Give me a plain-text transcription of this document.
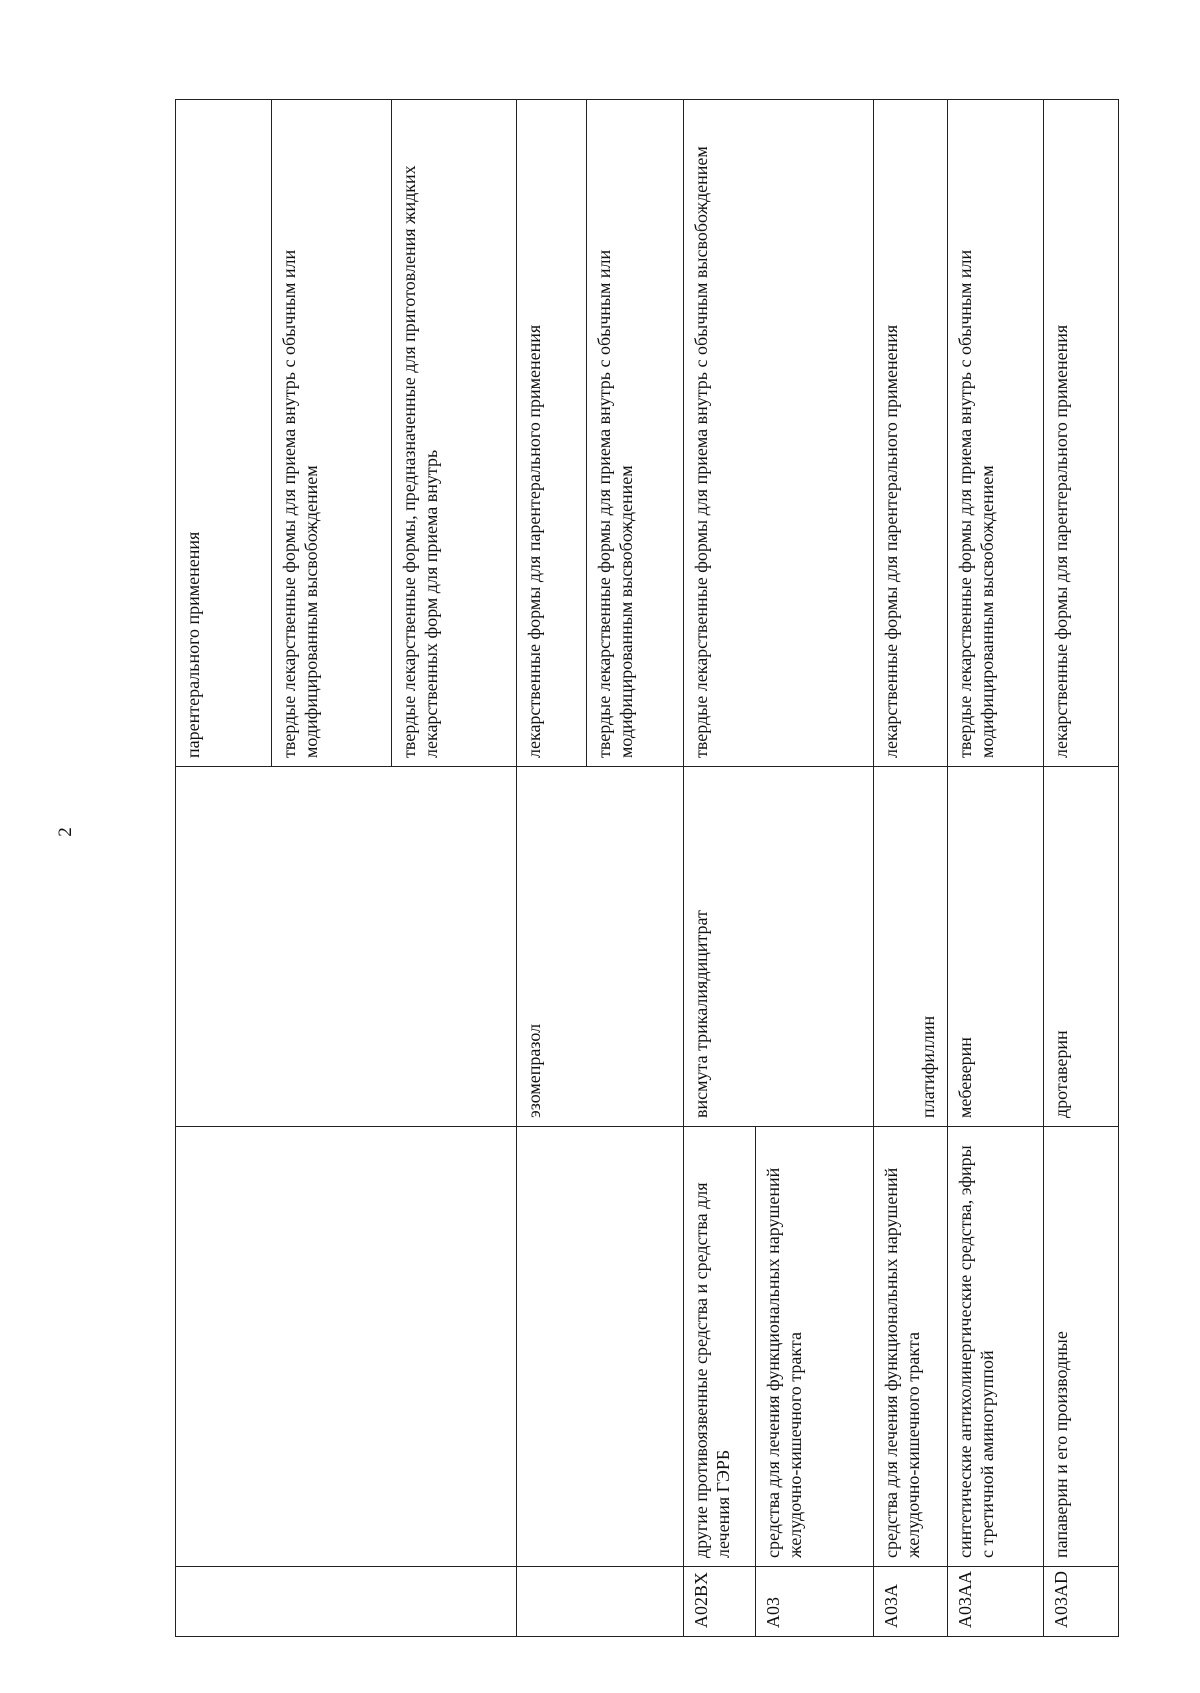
2
			парентерального применения
			твердые лекарственные формы для приема внутрь с обычным или модифицированным высвобождением
			твердые лекарственные формы, предназначенные для приготовления жидких лекарственных форм для приема внутрь
		эзомепразол	лекарственные формы для парентерального применения
			твердые лекарственные формы для приема внутрь с обычным или модифицированным высвобождением
A02BX	другие противоязвенные средства и средства для лечения ГЭРБ	висмута трикалиядицитрат	твердые лекарственные формы для приема внутрь с обычным высвобождением
A03	средства для лечения функциональных нарушений желудочно-кишечного тракта		
A03A	средства для лечения функциональных нарушений желудочно-кишечного тракта	платифиллин	лекарственные формы для парентерального применения
A03AA	синтетические антихолинергические средства, эфиры с третичной аминогруппой	мебеверин	твердые лекарственные формы для приема внутрь с обычным или модифицированным высвобождением
A03AD	папаверин и его производные	дротаверин	лекарственные формы для парентерального применения
